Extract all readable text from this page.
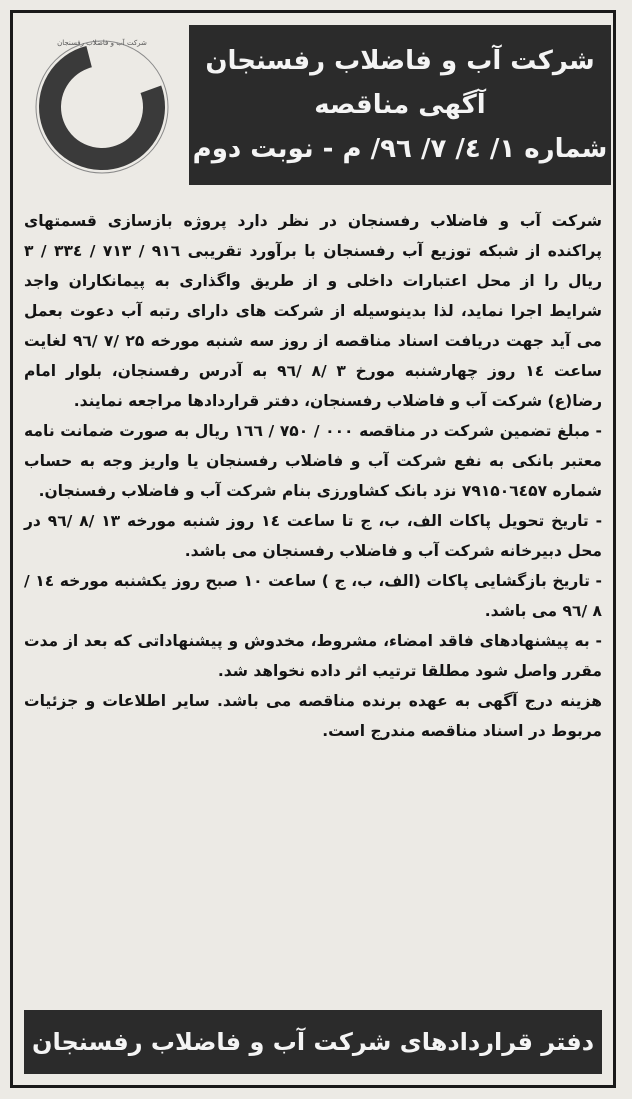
شرکت آب و فاضلاب رفسنجان
شرکت آب و فاضلاب رفسنجان
آگهی مناقصه
شماره ۱/ ٤/ ۷/ ۹٦/ م - نوبت دوم

شرکت آب و فاضلاب رفسنجان در نظر دارد پروژه بازسازی قسمتهای پراکنده از شبکه توزیع آب رفسنجان با برآورد تقریبی ۹۱٦ / ۷۱۳ / ۳۳٤ / ۳ ریال را از محل اعتبارات داخلی و از طریق واگذاری به پیمانکاران واجد شرایط اجرا نماید، لذا بدینوسیله از شرکت های دارای رتبه آب دعوت بعمل می آید جهت دریافت اسناد مناقصه از روز سه شنبه مورخه ۲۵ /۷ /۹٦ لغایت ساعت ۱٤ روز چهارشنبه مورخ ۳ /۸ /۹٦ به آدرس رفسنجان، بلوار امام رضا(ع) شرکت آب و فاضلاب رفسنجان، دفتر قراردادها مراجعه نمایند.

- مبلغ تضمین شرکت در مناقصه ۰۰۰ / ۷۵۰ / ۱٦٦ ریال به صورت ضمانت نامه معتبر بانکی به نفع شرکت آب و فاضلاب رفسنجان یا واریز وجه به حساب شماره ۷۹۱۵۰٦٤۵۷ نزد بانک کشاورزی بنام شرکت آب و فاضلاب رفسنجان.

- تاریخ تحویل پاکات الف، ب، ج تا ساعت ۱٤ روز شنبه مورخه ۱۳ /۸ /۹٦ در محل دبیرخانه شرکت آب و فاضلاب رفسنجان می باشد.

- تاریخ بازگشایی پاکات (الف، ب، ج ) ساعت ۱۰ صبح روز یکشنبه مورخه ۱٤ /۸ /۹٦ می باشد.

- به پیشنهادهای فاقد امضاء، مشروط، مخدوش و پیشنهاداتی که بعد از مدت مقرر واصل شود مطلقا ترتیب اثر داده نخواهد شد.

هزینه درج آگهی به عهده برنده مناقصه می باشد. سایر اطلاعات و جزئیات مربوط در اسناد مناقصه مندرج است.

دفتر قراردادهای شرکت آب و فاضلاب رفسنجان
